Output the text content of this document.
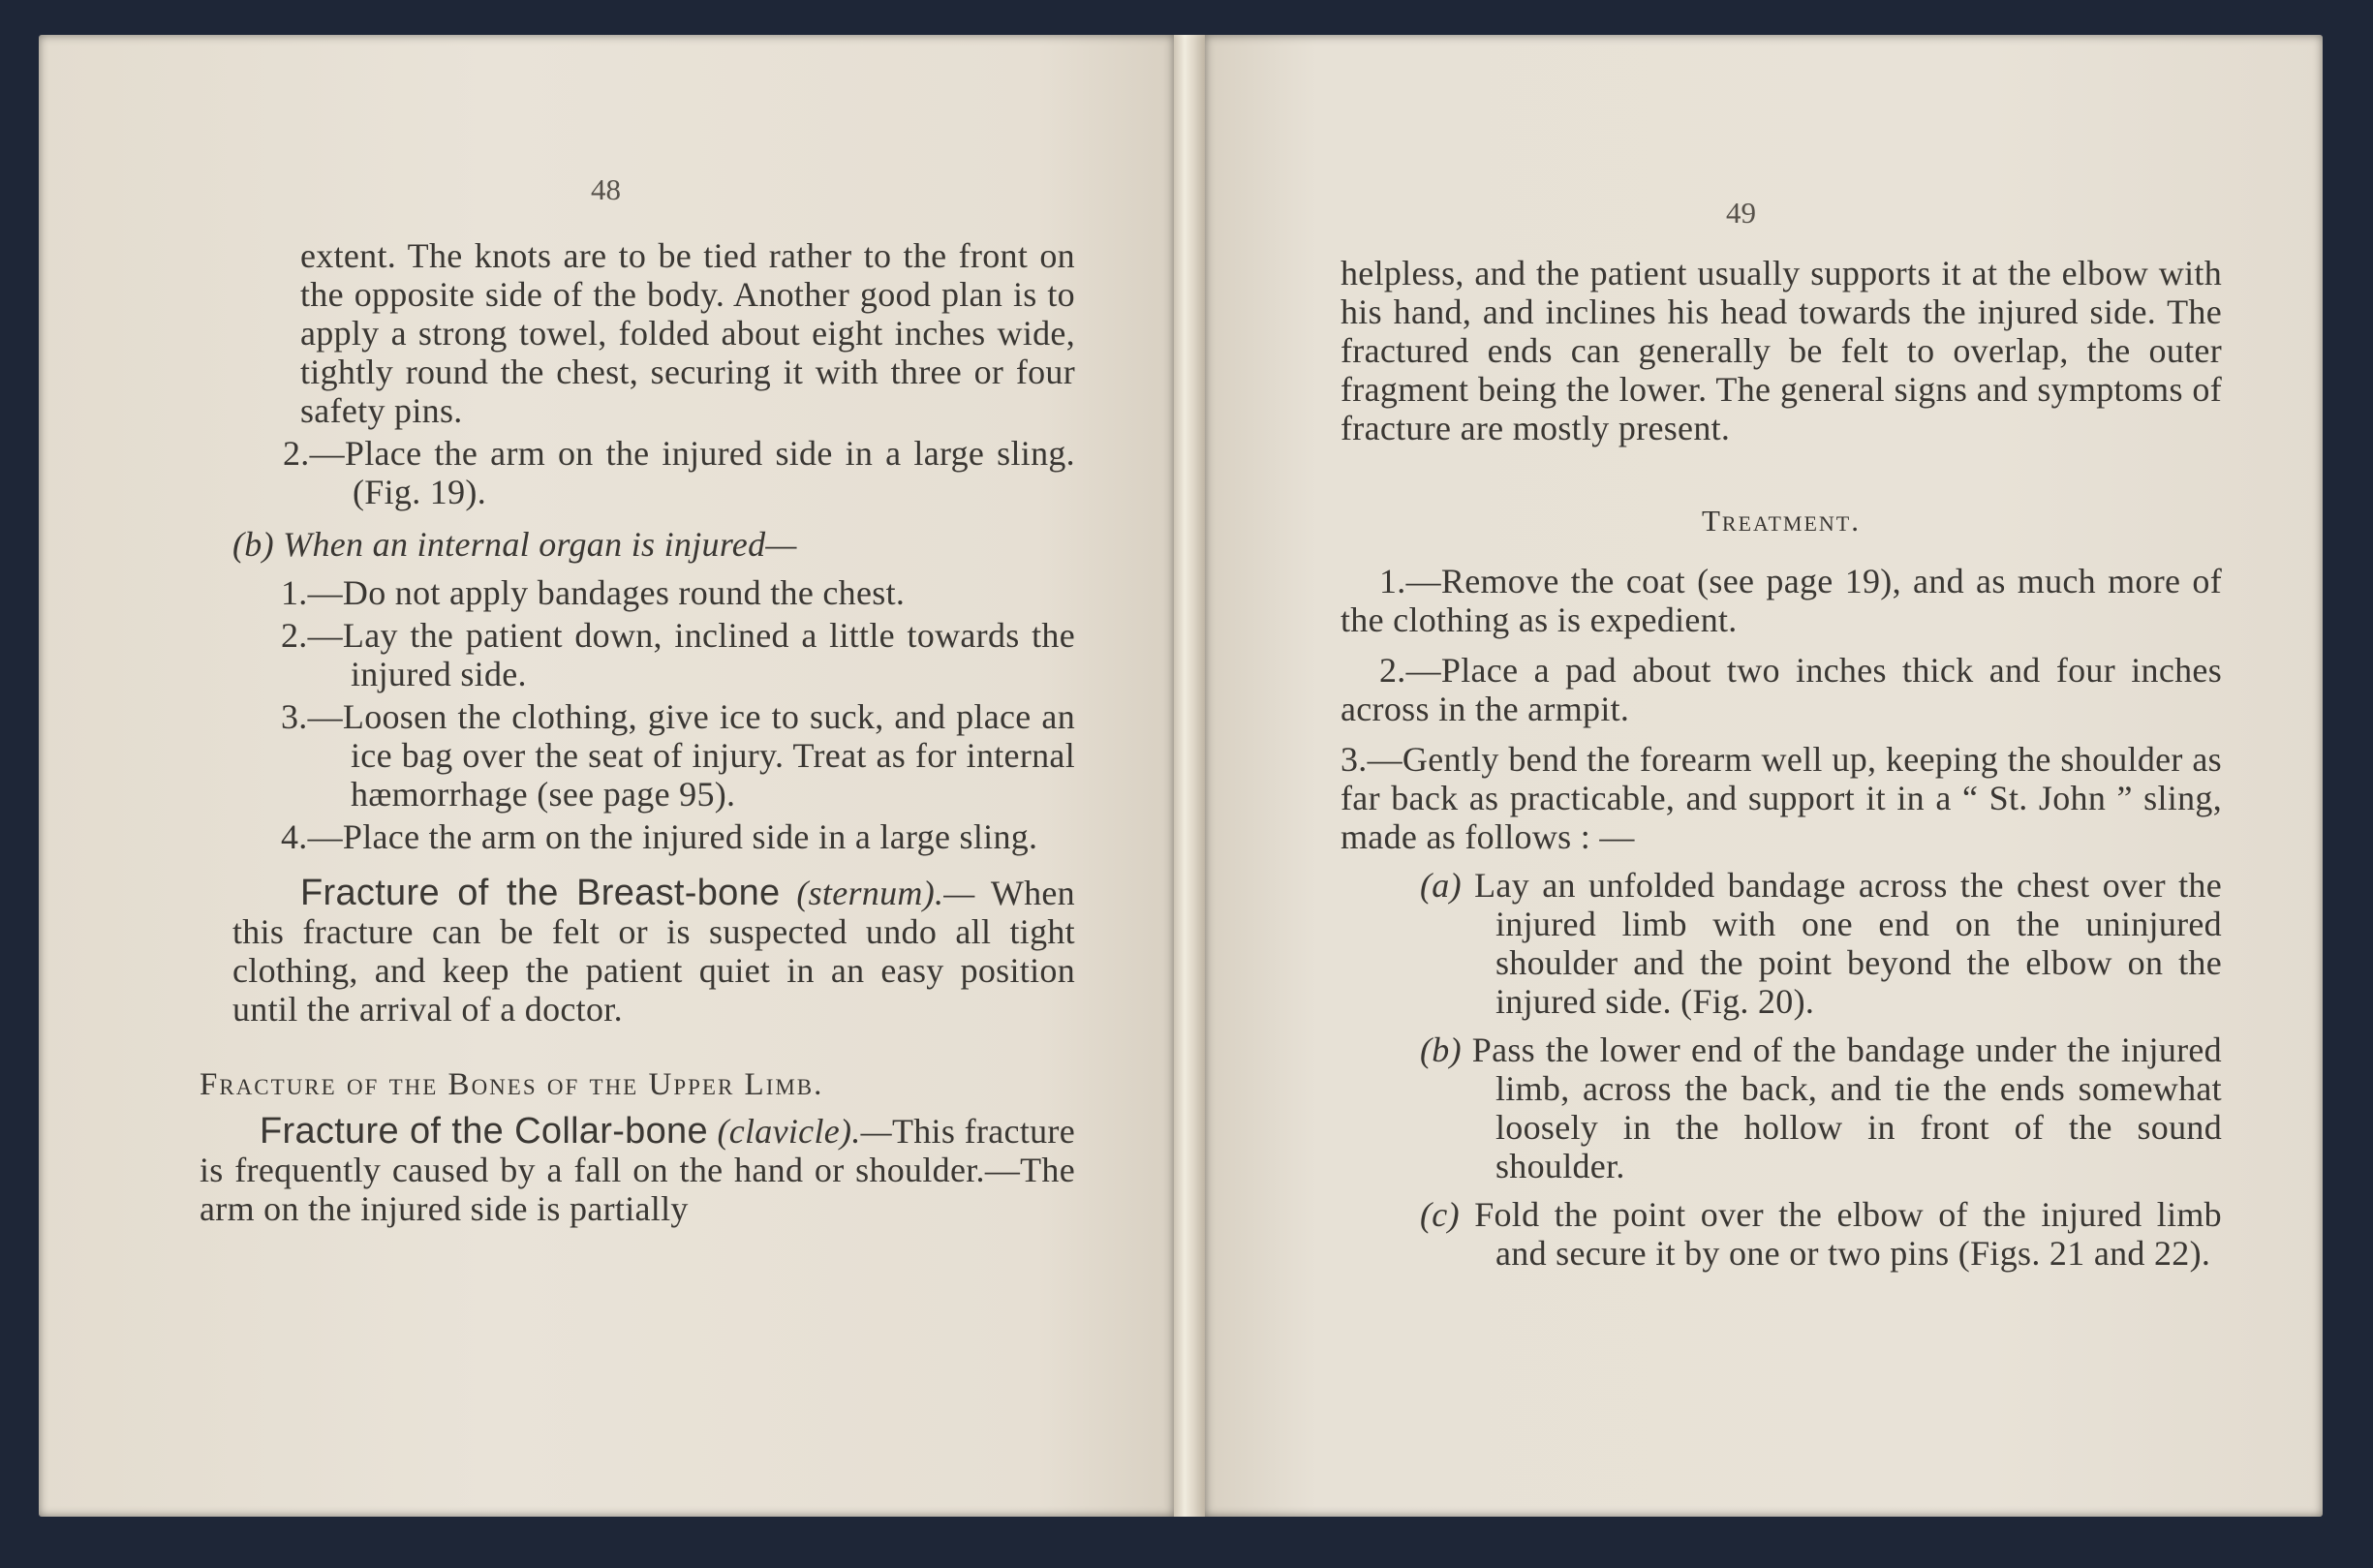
48

extent. The knots are to be tied rather to the front on the opposite side of the body. Another good plan is to apply a strong towel, folded about eight inches wide, tightly round the chest, securing it with three or four safety pins.

2.—Place the arm on the injured side in a large sling. (Fig. 19).

(b) When an internal organ is injured—

1.—Do not apply bandages round the chest.

2.—Lay the patient down, inclined a little towards the injured side.

3.—Loosen the clothing, give ice to suck, and place an ice bag over the seat of injury. Treat as for internal hæmorrhage (see page 95).

4.—Place the arm on the injured side in a large sling.

Fracture of the Breast-bone (sternum).— When this fracture can be felt or is suspected undo all tight clothing, and keep the patient quiet in an easy position until the arrival of a doctor.

Fracture of the Bones of the Upper Limb.

Fracture of the Collar-bone (clavicle).—This fracture is frequently caused by a fall on the hand or shoulder.—The arm on the injured side is partially

49

helpless, and the patient usually supports it at the elbow with his hand, and inclines his head towards the injured side. The fractured ends can generally be felt to overlap, the outer fragment being the lower. The general signs and symptoms of fracture are mostly present.

Treatment.

1.—Remove the coat (see page 19), and as much more of the clothing as is expedient.

2.—Place a pad about two inches thick and four inches across in the armpit.

3.—Gently bend the forearm well up, keeping the shoulder as far back as practicable, and support it in a “ St. John ” sling, made as follows : —

(a) Lay an unfolded bandage across the chest over the injured limb with one end on the uninjured shoulder and the point beyond the elbow on the injured side. (Fig. 20).

(b) Pass the lower end of the bandage under the injured limb, across the back, and tie the ends somewhat loosely in the hollow in front of the sound shoulder.

(c) Fold the point over the elbow of the injured limb and secure it by one or two pins (Figs. 21 and 22).
